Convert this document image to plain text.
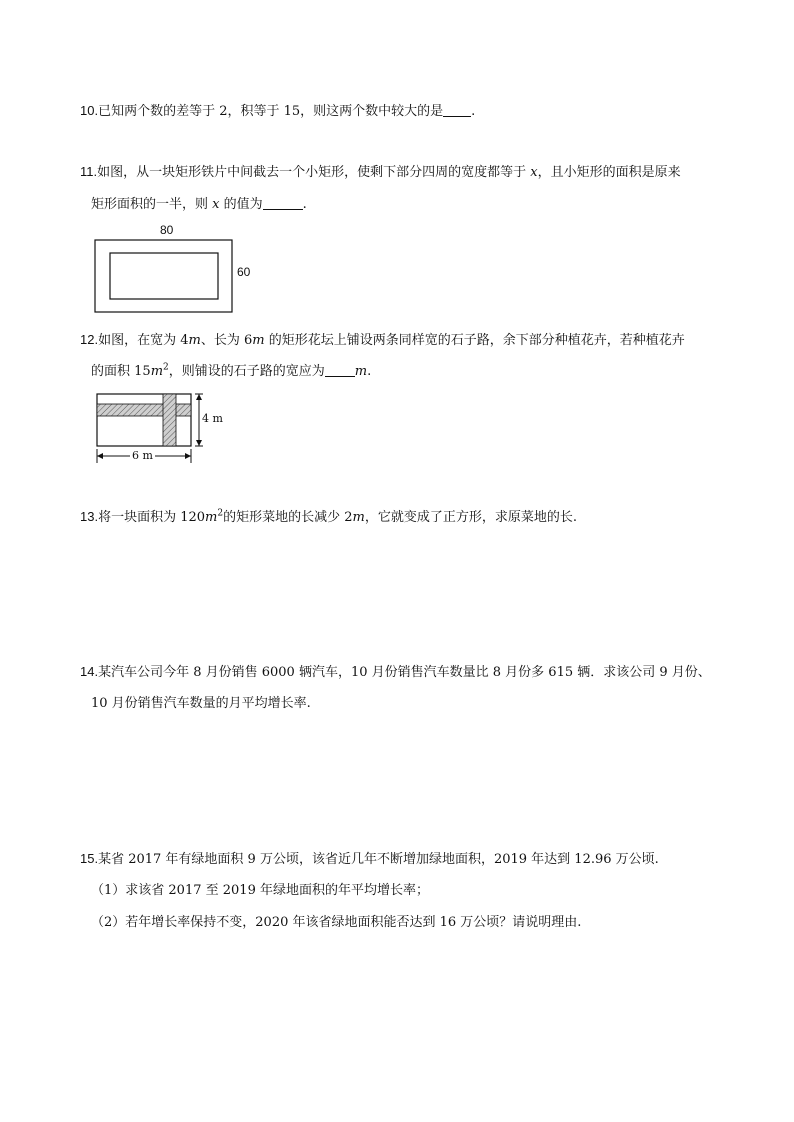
10.已知两个数的差等于 2，积等于 15，则这两个数中较大的是 .
11.如图，从一块矩形铁片中间截去一个小矩形，使剩下部分四周的宽度都等于 x，且小矩形的面积是原来
矩形面积的一半，则 x 的值为	.
80
60
12.如图，在宽为 4m、长为 6m 的矩形花坛上铺设两条同样宽的石子路，余下部分种植花卉，若种植花卉
的面积 $15m^2$，则铺设的石子路的宽应为 m.
4 m
6 m
13.将一块面积为 $120m^2$的矩形菜地的长减少 2m，它就变成了正方形，求原菜地的长.
14.某汽车公司今年 8 月份销售 6000 辆汽车，10 月份销售汽车数量比 8 月份多 615 辆．求该公司 9 月份、
10 月份销售汽车数量的月平均增长率.
15.某省 2017 年有绿地面积 9 万公顷，该省近几年不断增加绿地面积，2019 年达到 12.96 万公顷.
（1）求该省 2017 至 2019 年绿地面积的年平均增长率；
（2）若年增长率保持不变，2020 年该省绿地面积能否达到 16 万公顷？请说明理由.
